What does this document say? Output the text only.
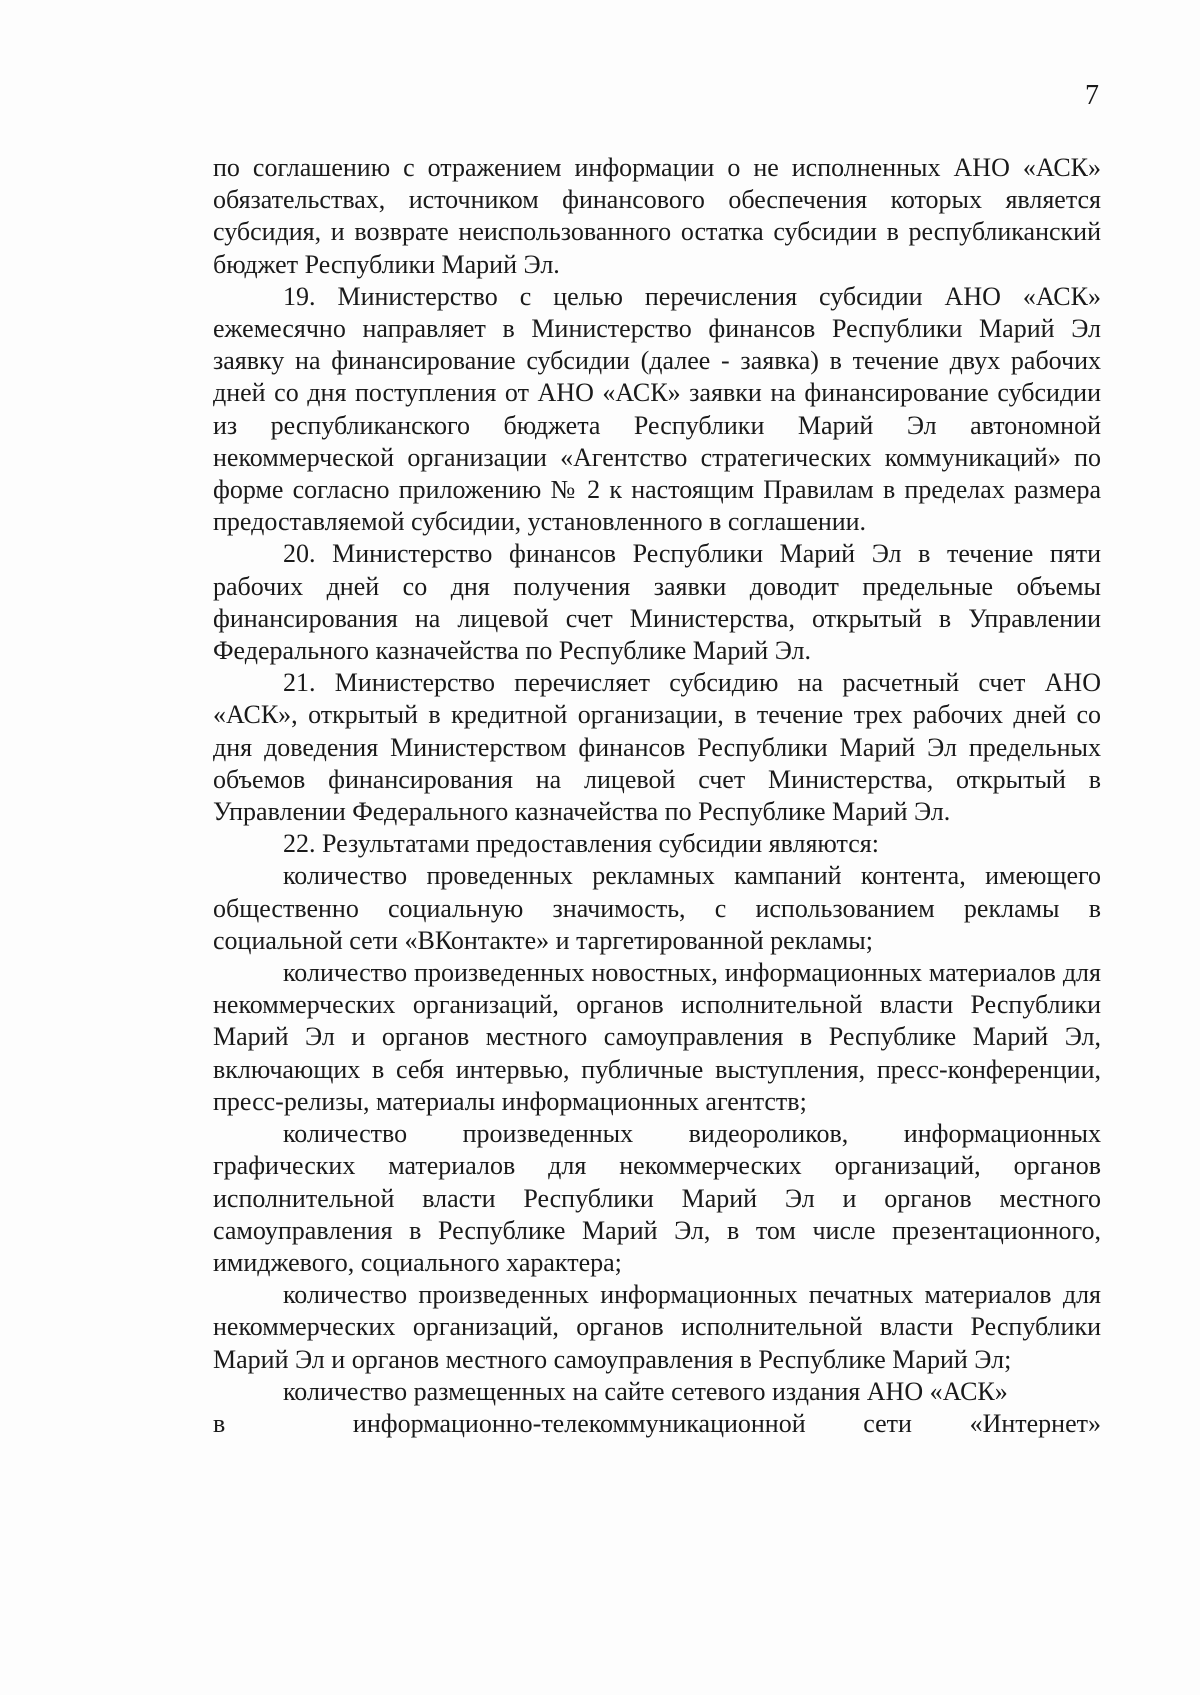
7

по соглашению с отражением информации о не исполненных АНО «АСК» обязательствах, источником финансового обеспечения которых является субсидия, и возврате неиспользованного остатка субсидии в республиканский бюджет Республики Марий Эл.

19. Министерство с целью перечисления субсидии АНО «АСК» ежемесячно направляет в Министерство финансов Республики Марий Эл заявку на финансирование субсидии (далее - заявка) в течение двух рабочих дней со дня поступления от АНО «АСК» заявки на финансирование субсидии из республиканского бюджета Республики Марий Эл автономной некоммерческой организации «Агентство стратегических коммуникаций» по форме согласно приложению № 2 к настоящим Правилам в пределах размера предоставляемой субсидии, установленного в соглашении.

20. Министерство финансов Республики Марий Эл в течение пяти рабочих дней со дня получения заявки доводит предельные объемы финансирования на лицевой счет Министерства, открытый в Управлении Федерального казначейства по Республике Марий Эл.

21. Министерство перечисляет субсидию на расчетный счет АНО «АСК», открытый в кредитной организации, в течение трех рабочих дней со дня доведения Министерством финансов Республики Марий Эл предельных объемов финансирования на лицевой счет Министерства, открытый в Управлении Федерального казначейства по Республике Марий Эл.

22. Результатами предоставления субсидии являются:

количество проведенных рекламных кампаний контента, имеющего общественно социальную значимость, с использованием рекламы в социальной сети «ВКонтакте» и таргетированной рекламы;

количество произведенных новостных, информационных материалов для некоммерческих организаций, органов исполнительной власти Республики Марий Эл и органов местного самоуправления в Республике Марий Эл, включающих в себя интервью, публичные выступления, пресс-конференции, пресс-релизы, материалы информационных агентств;

количество произведенных видеороликов, информационных графических материалов для некоммерческих организаций, органов исполнительной власти Республики Марий Эл и органов местного самоуправления в Республике Марий Эл, в том числе презентационного, имиджевого, социального характера;

количество произведенных информационных печатных материалов для некоммерческих организаций, органов исполнительной власти Республики Марий Эл и органов местного самоуправления в Республике Марий Эл;

количество размещенных на сайте сетевого издания АНО «АСК»

в	информационно-телекоммуникационной сети «Интернет»
